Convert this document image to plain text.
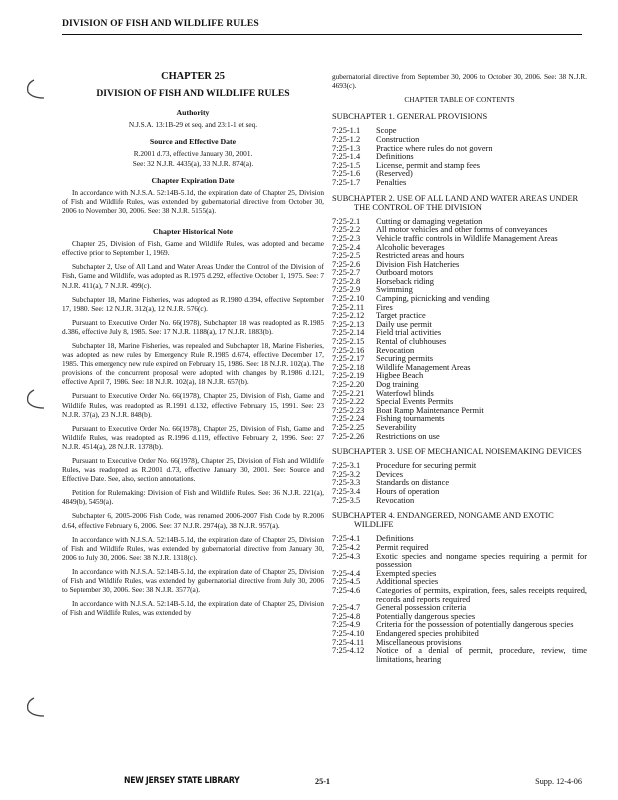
DIVISION OF FISH AND WILDLIFE RULES
CHAPTER 25
DIVISION OF FISH AND WILDLIFE RULES
Authority

N.J.S.A. 13:1B-29 et seq. and 23:1-1 et seq.

Source and Effective Date

R.2001 d.73, effective January 30, 2001.

See: 32 N.J.R. 4435(a), 33 N.J.R. 874(a).

Chapter Expiration Date

In accordance with N.J.S.A. 52:14B-5.1d, the expiration date of Chapter 25, Division of Fish and Wildlife Rules, was extended by gubernatorial directive from October 30, 2006 to November 30, 2006. See: 38 N.J.R. 5155(a).

Chapter Historical Note

Chapter 25, Division of Fish, Game and Wildlife Rules, was adopted and became effective prior to September 1, 1969.

Subchapter 2, Use of All Land and Water Areas Under the Control of the Division of Fish, Game and Wildlife, was adopted as R.1975 d.292, effective October 1, 1975. See: 7 N.J.R. 411(a), 7 N.J.R. 499(c).

Subchapter 18, Marine Fisheries, was adopted as R.1980 d.394, effective September 17, 1980. See: 12 N.J.R. 312(a), 12 N.J.R. 576(c).

Pursuant to Executive Order No. 66(1978), Subchapter 18 was readopted as R.1985 d.386, effective July 8, 1985. See: 17 N.J.R. 1188(a), 17 N.J.R. 1883(b).

Subchapter 18, Marine Fisheries, was repealed and Subchapter 18, Marine Fisheries, was adopted as new rules by Emergency Rule R.1985 d.674, effective December 17, 1985. This emergency new rule expired on February 15, 1986. See: 18 N.J.R. 102(a). The provisions of the concurrent proposal were adopted with changes by R.1986 d.121, effective April 7, 1986. See: 18 N.J.R. 102(a), 18 N.J.R. 657(b).

Pursuant to Executive Order No. 66(1978), Chapter 25, Division of Fish, Game and Wildlife Rules, was readopted as R.1991 d.132, effective February 15, 1991. See: 23 N.J.R. 37(a), 23 N.J.R. 848(b).

Pursuant to Executive Order No. 66(1978), Chapter 25, Division of Fish, Game and Wildlife Rules, was readopted as R.1996 d.119, effective February 2, 1996. See: 27 N.J.R. 4514(a), 28 N.J.R. 1378(b).

Pursuant to Executive Order No. 66(1978), Chapter 25, Division of Fish and Wildlife Rules, was readopted as R.2001 d.73, effective January 30, 2001. See: Source and Effective Date. See, also, section annotations.

Petition for Rulemaking: Division of Fish and Wildlife Rules. See: 36 N.J.R. 221(a), 4849(b), 5459(a).

Subchapter 6, 2005-2006 Fish Code, was renamed 2006-2007 Fish Code by R.2006 d.64, effective February 6, 2006. See: 37 N.J.R. 2974(a), 38 N.J.R. 957(a).

In accordance with N.J.S.A. 52:14B-5.1d, the expiration date of Chapter 25, Division of Fish and Wildlife Rules, was extended by gubernatorial directive from January 30, 2006 to July 30, 2006. See: 38 N.J.R. 1318(c).

In accordance with N.J.S.A. 52:14B-5.1d, the expiration date of Chapter 25, Division of Fish and Wildlife Rules, was extended by gubernatorial directive from July 30, 2006 to September 30, 2006. See: 38 N.J.R. 3577(a).

In accordance with N.J.S.A. 52:14B-5.1d, the expiration date of Chapter 25, Division of Fish and Wildlife Rules, was extended by

gubernatorial directive from September 30, 2006 to October 30, 2006. See: 38 N.J.R. 4693(c).

CHAPTER TABLE OF CONTENTS
SUBCHAPTER 1. GENERAL PROVISIONS
7:25-1.1	Scope
7:25-1.2	Construction
7:25-1.3	Practice where rules do not govern
7:25-1.4	Definitions
7:25-1.5	License, permit and stamp fees
7:25-1.6	(Reserved)
7:25-1.7	Penalties
SUBCHAPTER 2. USE OF ALL LAND AND WATER AREAS UNDER THE CONTROL OF THE DIVISION
7:25-2.1	Cutting or damaging vegetation
7:25-2.2	All motor vehicles and other forms of conveyances
7:25-2.3	Vehicle traffic controls in Wildlife Management Areas
7:25-2.4	Alcoholic beverages
7:25-2.5	Restricted areas and hours
7:25-2.6	Division Fish Hatcheries
7:25-2.7	Outboard motors
7:25-2.8	Horseback riding
7:25-2.9	Swimming
7:25-2.10	Camping, picnicking and vending
7:25-2.11	Fires
7:25-2.12	Target practice
7:25-2.13	Daily use permit
7:25-2.14	Field trial activities
7:25-2.15	Rental of clubhouses
7:25-2.16	Revocation
7:25-2.17	Securing permits
7:25-2.18	Wildlife Management Areas
7:25-2.19	Higbee Beach
7:25-2.20	Dog training
7:25-2.21	Waterfowl blinds
7:25-2.22	Special Events Permits
7:25-2.23	Boat Ramp Maintenance Permit
7:25-2.24	Fishing tournaments
7:25-2.25	Severability
7:25-2.26	Restrictions on use
SUBCHAPTER 3. USE OF MECHANICAL NOISEMAKING DEVICES
7:25-3.1	Procedure for securing permit
7:25-3.2	Devices
7:25-3.3	Standards on distance
7:25-3.4	Hours of operation
7:25-3.5	Revocation
SUBCHAPTER 4. ENDANGERED, NONGAME AND EXOTIC WILDLIFE
7:25-4.1	Definitions
7:25-4.2	Permit required
7:25-4.3	Exotic species and nongame species requiring a permit for possession
7:25-4.4	Exempted species
7:25-4.5	Additional species
7:25-4.6	Categories of permits, expiration, fees, sales receipts required, records and reports required
7:25-4.7	General possession criteria
7:25-4.8	Potentially dangerous species
7:25-4.9	Criteria for the possession of potentially dangerous species
7:25-4.10	Endangered species prohibited
7:25-4.11	Miscellaneous provisions
7:25-4.12	Notice of a denial of permit, procedure, review, time limitations, hearing
NEW JERSEY STATE LIBRARY	25-1	Supp. 12-4-06
